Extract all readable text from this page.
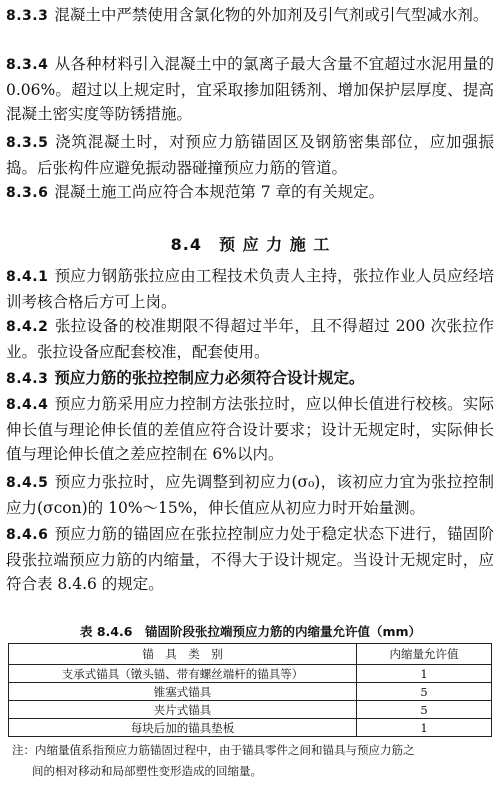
8.3.3 混凝土中严禁使用含氯化物的外加剂及引气剂或引气型减水剂。
8.3.4 从各种材料引入混凝土中的氯离子最大含量不宜超过水泥用量的 0.06%。超过以上规定时，宜采取掺加阻锈剂、增加保护层厚度、提高混凝土密实度等防锈措施。
8.3.5 浇筑混凝土时，对预应力筋锚固区及钢筋密集部位，应加强振捣。后张构件应避免振动器碰撞预应力筋的管道。
8.3.6 混凝土施工尚应符合本规范第 7 章的有关规定。
8.4　预 应 力 施 工
8.4.1 预应力钢筋张拉应由工程技术负责人主持，张拉作业人员应经培训考核合格后方可上岗。
8.4.2 张拉设备的校准期限不得超过半年，且不得超过 200 次张拉作业。张拉设备应配套校准，配套使用。
8.4.3 预应力筋的张拉控制应力必须符合设计规定。
8.4.4 预应力筋采用应力控制方法张拉时，应以伸长值进行校核。实际伸长值与理论伸长值的差值应符合设计要求；设计无规定时，实际伸长值与理论伸长值之差应控制在 6%以内。
8.4.5 预应力张拉时，应先调整到初应力(σ₀)，该初应力宜为张拉控制应力(σcon)的 10%～15%，伸长值应从初应力时开始量测。
8.4.6 预应力筋的锚固应在张拉控制应力处于稳定状态下进行，锚固阶段张拉端预应力筋的内缩量，不得大于设计规定。当设计无规定时，应符合表 8.4.6 的规定。
表 8.4.6　锚固阶段张拉端预应力筋的内缩量允许值（mm）
锚　具　类　别	内缩量允许值
支承式锚具（镦头锚、带有螺丝端杆的锚具等）	1
锥塞式锚具	5
夹片式锚具	5
每块后加的锚具垫板	1
注：内缩量值系指预应力筋锚固过程中，由于锚具零件之间和锚具与预应力筋之
间的相对移动和局部塑性变形造成的回缩量。
